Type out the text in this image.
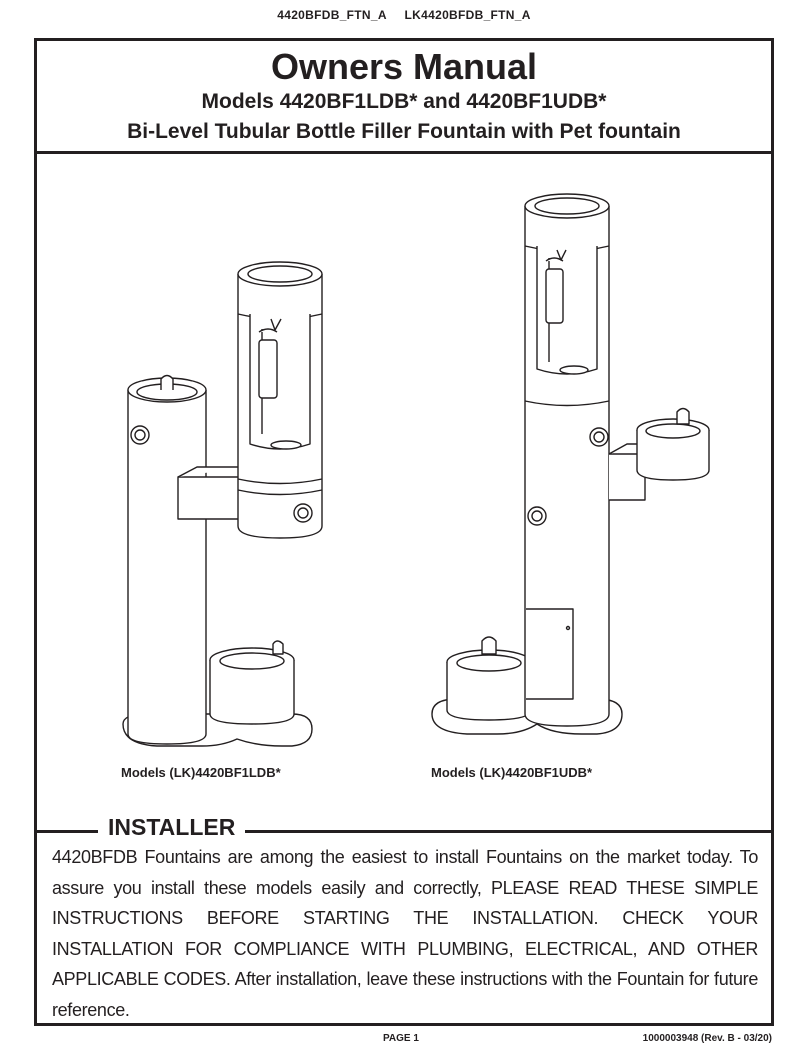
4420BFDB_FTN_A     LK4420BFDB_FTN_A
Owners Manual
Models 4420BF1LDB* and 4420BF1UDB*
Bi-Level Tubular Bottle Filler Fountain with Pet fountain
Models (LK)4420BF1LDB*	Models (LK)4420BF1UDB*
INSTALLER
4420BFDB Fountains are among the easiest to install Fountains on the market today. To assure you install these models easily and correctly, PLEASE READ THESE SIMPLE INSTRUCTIONS BEFORE STARTING THE INSTALLATION. CHECK YOUR INSTALLATION FOR COMPLIANCE WITH PLUMBING, ELECTRICAL, AND OTHER APPLICABLE CODES. After installation, leave these instructions with the Fountain for future reference.
PAGE 1	1000003948 (Rev. B - 03/20)
